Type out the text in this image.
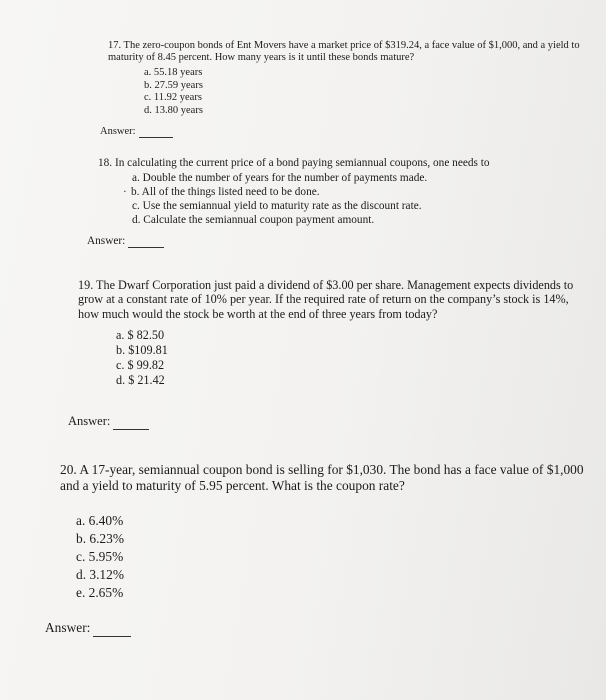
17. The zero-coupon bonds of Ent Movers have a market price of $319.24, a face value of $1,000, and a yield to maturity of 8.45 percent. How many years is it until these bonds mature?
a. 55.18 years
b. 27.59 years
c. 11.92 years
d. 13.80 years
Answer:
18. In calculating the current price of a bond paying semiannual coupons, one needs to
a. Double the number of years for the number of payments made.
· b. All of the things listed need to be done.
c. Use the semiannual yield to maturity rate as the discount rate.
d. Calculate the semiannual coupon payment amount.
Answer:
19. The Dwarf Corporation just paid a dividend of $3.00 per share. Management expects dividends to grow at a constant rate of 10% per year. If the required rate of return on the company’s stock is 14%, how much would the stock be worth at the end of three years from today?
a. $ 82.50
b. $109.81
c. $ 99.82
d. $ 21.42
Answer:
20. A 17-year, semiannual coupon bond is selling for $1,030. The bond has a face value of $1,000 and a yield to maturity of 5.95 percent. What is the coupon rate?
a. 6.40%
b. 6.23%
c. 5.95%
d. 3.12%
e. 2.65%
Answer:
